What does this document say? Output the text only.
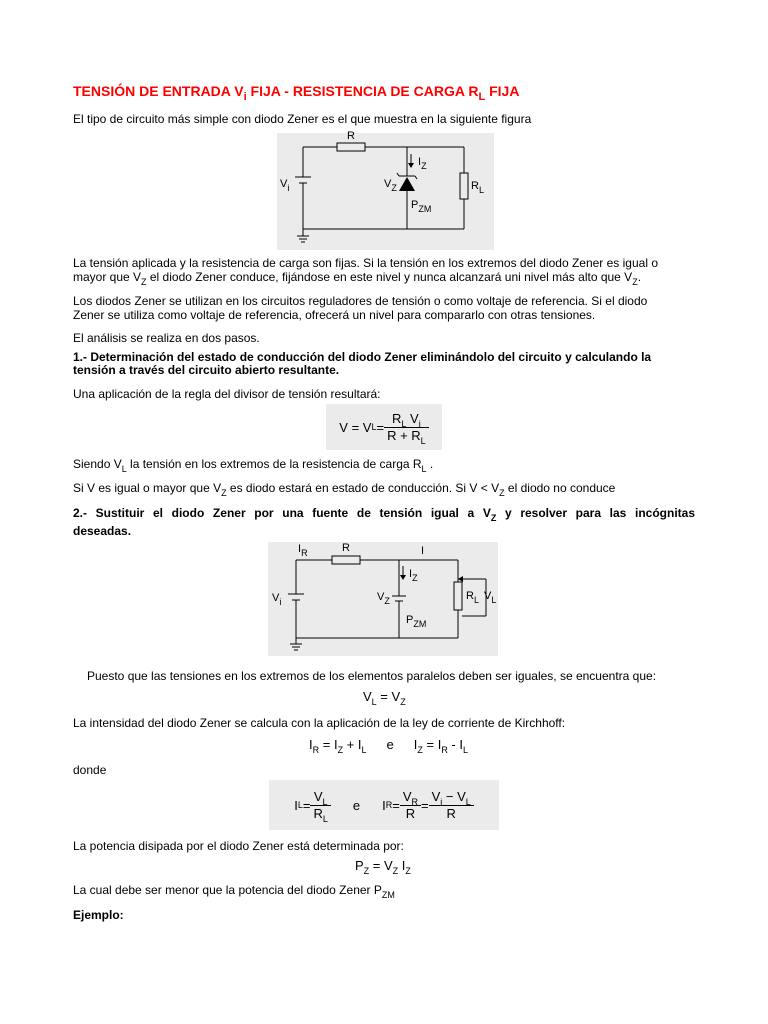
TENSIÓN DE ENTRADA $V_i$ FIJA - RESISTENCIA DE CARGA $R_L$ FIJA
El tipo de circuito más simple con diodo Zener es el que muestra en la siguiente figura
R
$V_i$
$I_Z$
$V_Z$
$P_{ZM}$
$R_L$
La tensión aplicada y la resistencia de carga son fijas. Si la tensión en los extremos del diodo Zener es igual o
mayor que $V_Z$ el diodo Zener conduce, fijándose en este nivel y nunca alcanzará uni nivel más alto que $V_Z$.
Los diodos Zener se utilizan en los circuitos reguladores de tensión o como voltaje de referencia. Si el diodo
Zener se utiliza como voltaje de referencia, ofrecerá un nivel para compararlo con otras tensiones.
El análisis se realiza en dos pasos.
1.- Determinación del estado de conducción del diodo Zener eliminándolo del circuito y calculando la
tensión a través del circuito abierto resultante.
Una aplicación de la regla del divisor de tensión resultará:
V = V $L = \frac{R_L V_i}{R + R_L}$
Siendo $V_L$ la tensión en los extremos de la resistencia de carga $R_L$ .
Si V es igual o mayor que $V_Z$ es diodo estará en estado de conducción. Si $V < V_Z$ el diodo no conduce
2.- Sustituir el diodo Zener por una fuente de tensión igual a $V_Z$ y resolver para las incógnitas
deseadas.
$I_R$	R	I
$V_i$
$I_Z$
$V_Z$
$P_{ZM}$
$R_L$ $V_L$
Puesto que las tensiones en los extremos de los elementos paralelos deben ser iguales, se encuentra que:
$V_L = V_Z$
La intensidad del diodo Zener se calcula con la aplicación de la ley de corriente de Kirchhoff:
$I_R = I_Z + I_L$ e $I_Z = I_R - I_L$
donde
I $L = \frac{V_L}{R_L}$ e I $R = \frac{V_R}{R} = \frac{V_i - V_L}{R}$
La potencia disipada por el diodo Zener está determinada por:
$P_Z = V_Z$ $I_Z$
La cual debe ser menor que la potencia del diodo Zener $P_{ZM}$
Ejemplo:
